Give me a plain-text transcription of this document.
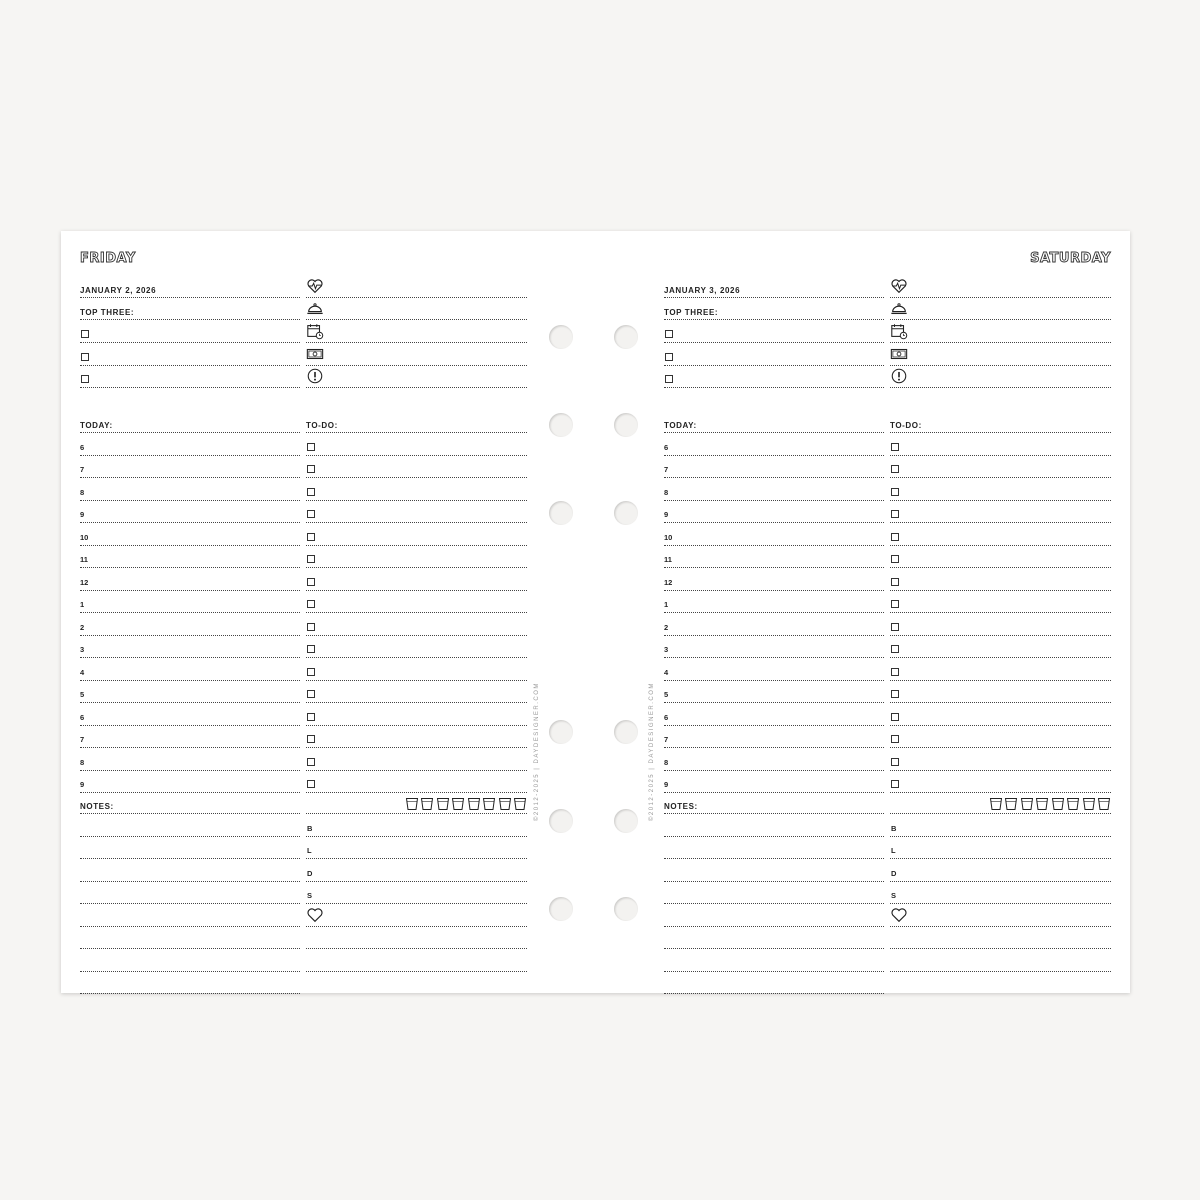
FRIDAY
JANUARY 2, 2026
TOP THREE:
TODAY:	TO-DO:
6
7
8
9
10
11
12
1
2
3
4
5
6
7
8
9
NOTES:
B
L
D
S
SATURDAY
JANUARY 3, 2026
TOP THREE:
TODAY:	TO-DO:
6
7
8
9
10
11
12
1
2
3
4
5
6
7
8
9
NOTES:
B
L
D
S
©2012-2025 | DAYDESIGNER.COM	©2012-2025 | DAYDESIGNER.COM
